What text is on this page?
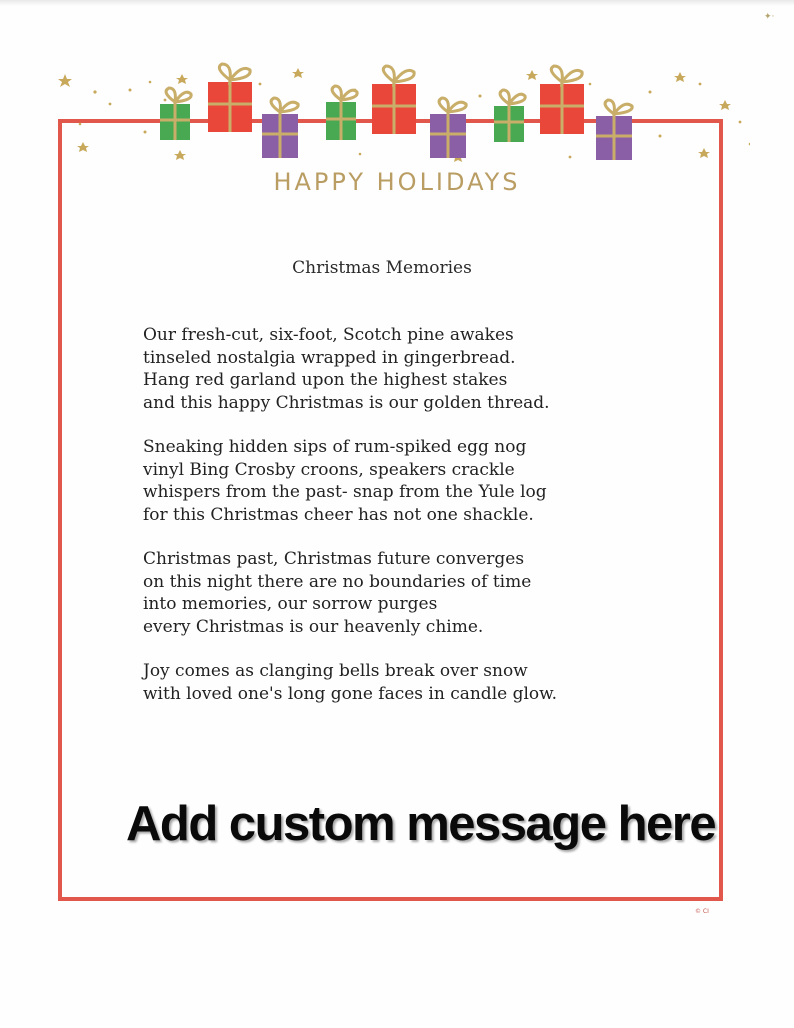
✦·
HAPPY HOLIDAYS
Christmas Memories
Our fresh-cut, six-foot, Scotch pine awakes
tinseled nostalgia wrapped in gingerbread.
Hang red garland upon the highest stakes
and this happy Christmas is our golden thread.
Sneaking hidden sips of rum-spiked egg nog
vinyl Bing Crosby croons, speakers crackle
whispers from the past- snap from the Yule log
for this Christmas cheer has not one shackle.
Christmas past, Christmas future converges
on this night there are no boundaries of time
into memories, our sorrow purges
every Christmas is our heavenly chime.
Joy comes as clanging bells break over snow
with loved one's long gone faces in candle glow.
Add custom message here
© CI
